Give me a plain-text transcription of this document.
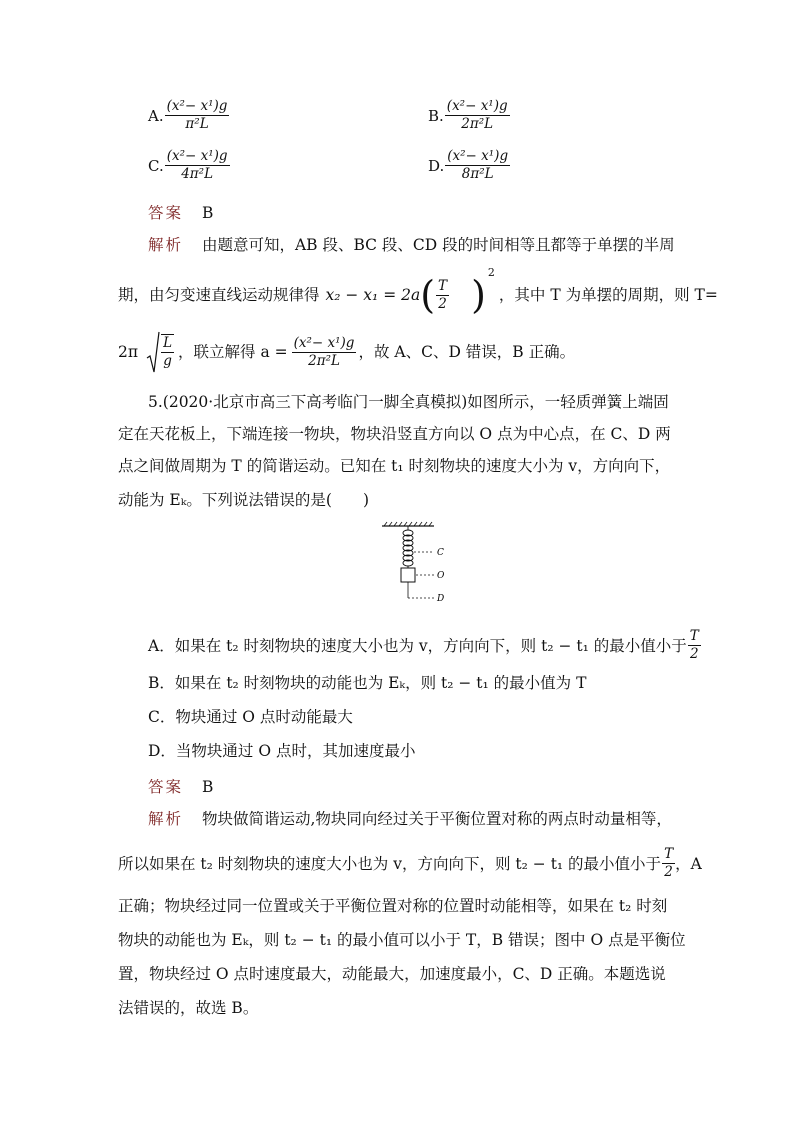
A. $\frac{\text{(x²− x¹)g}}{\text{π²L}}$	B. $\frac{\text{(x²− x¹)g}}{\text{2π²L}}$
C. $\frac{\text{(x²− x¹)g}}{\text{4π²L}}$	D. $\frac{\text{(x²− x¹)g}}{\text{8π²L}}$
答案 B
解析 由题意可知，AB 段、BC 段、CD 段的时间相等且都等于单摆的半周
期，由匀变速直线运动规律得 x₂ − x₁ = 2a ( $\frac{T}{2}$ )
2
，其中 T 为单摆的周期，则 T=
$2\pi \frac{L}{g}$ ，联立解得 $a = \frac{\text{(x²− x¹)g}}{\text{2π²L}}$ ，故 A、C、D 错误，B 正确。
5.(2020·北京市高三下高考临门一脚全真模拟)如图所示，一轻质弹簧上端固
定在天花板上，下端连接一物块，物块沿竖直方向以 O 点为中心点，在 C、D 两
点之间做周期为 T 的简谐运动。已知在 t₁ 时刻物块的速度大小为 v，方向向下，
动能为 Eₖ。下列说法错误的是(　　)
C
O
D
A．如果在 t₂ 时刻物块的速度大小也为 v，方向向下，则 t₂ − t₁ 的最小值小于 $\frac{T}{2}$
B．如果在 t₂ 时刻物块的动能也为 Eₖ，则 t₂ − t₁ 的最小值为 T
C．物块通过 O 点时动能最大
D．当物块通过 O 点时，其加速度最小
答案 B
解析 物块做简谐运动,物块同向经过关于平衡位置对称的两点时动量相等，
所以如果在 t₂ 时刻物块的速度大小也为 v，方向向下，则 t₂ − t₁ 的最小值小于 $\frac{T}{2}$ ，A
正确；物块经过同一位置或关于平衡位置对称的位置时动能相等，如果在 t₂ 时刻
物块的动能也为 Eₖ，则 t₂ − t₁ 的最小值可以小于 T，B 错误；图中 O 点是平衡位
置，物块经过 O 点时速度最大，动能最大，加速度最小，C、D 正确。本题选说
法错误的，故选 B。
